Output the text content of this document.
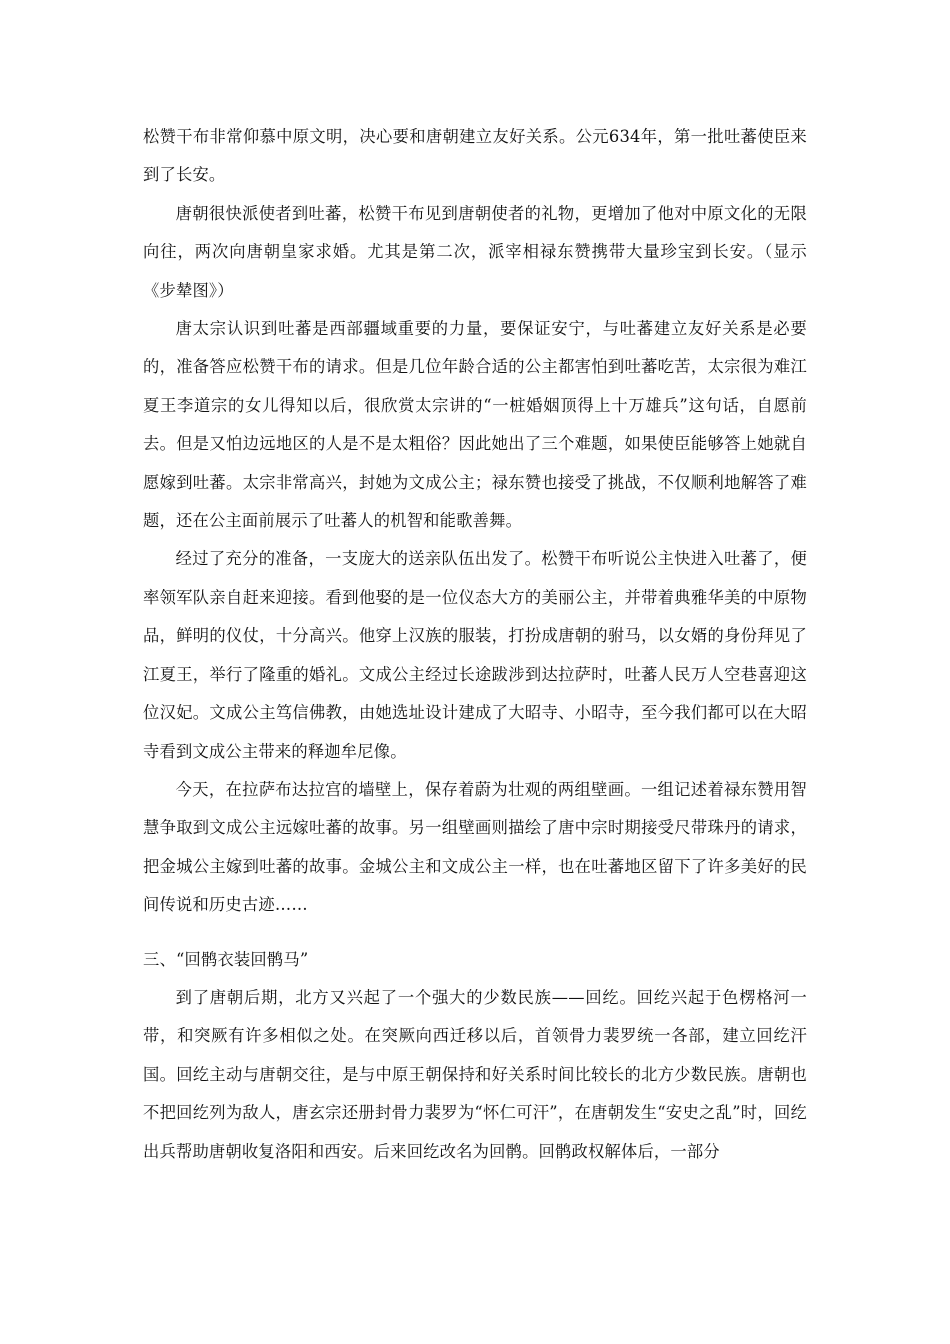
松赞干布非常仰慕中原文明，决心要和唐朝建立友好关系。公元634年，第一批吐蕃使臣来到了长安。

唐朝很快派使者到吐蕃，松赞干布见到唐朝使者的礼物，更增加了他对中原文化的无限向往，两次向唐朝皇家求婚。尤其是第二次，派宰相禄东赞携带大量珍宝到长安。（显示《步辇图》）

唐太宗认识到吐蕃是西部疆域重要的力量，要保证安宁，与吐蕃建立友好关系是必要的，准备答应松赞干布的请求。但是几位年龄合适的公主都害怕到吐蕃吃苦，太宗很为难江夏王李道宗的女儿得知以后，很欣赏太宗讲的“一桩婚姻顶得上十万雄兵”这句话，自愿前去。但是又怕边远地区的人是不是太粗俗？因此她出了三个难题，如果使臣能够答上她就自愿嫁到吐蕃。太宗非常高兴，封她为文成公主；禄东赞也接受了挑战，不仅顺利地解答了难题，还在公主面前展示了吐蕃人的机智和能歌善舞。

经过了充分的准备，一支庞大的送亲队伍出发了。松赞干布听说公主快进入吐蕃了，便率领军队亲自赶来迎接。看到他娶的是一位仪态大方的美丽公主，并带着典雅华美的中原物品，鲜明的仪仗，十分高兴。他穿上汉族的服装，打扮成唐朝的驸马，以女婿的身份拜见了江夏王，举行了隆重的婚礼。文成公主经过长途跋涉到达拉萨时，吐蕃人民万人空巷喜迎这位汉妃。文成公主笃信佛教，由她选址设计建成了大昭寺、小昭寺，至今我们都可以在大昭寺看到文成公主带来的释迦牟尼像。

今天，在拉萨布达拉宫的墙壁上，保存着蔚为壮观的两组壁画。一组记述着禄东赞用智慧争取到文成公主远嫁吐蕃的故事。另一组壁画则描绘了唐中宗时期接受尺带珠丹的请求，把金城公主嫁到吐蕃的故事。金城公主和文成公主一样，也在吐蕃地区留下了许多美好的民间传说和历史古迹……

三、“回鹘衣装回鹘马”

到了唐朝后期，北方又兴起了一个强大的少数民族——回纥。回纥兴起于色楞格河一带，和突厥有许多相似之处。在突厥向西迁移以后，首领骨力裴罗统一各部，建立回纥汗国。回纥主动与唐朝交往，是与中原王朝保持和好关系时间比较长的北方少数民族。唐朝也不把回纥列为敌人，唐玄宗还册封骨力裴罗为“怀仁可汗”，在唐朝发生“安史之乱”时，回纥出兵帮助唐朝收复洛阳和西安。后来回纥改名为回鹘。回鹘政权解体后，一部分
